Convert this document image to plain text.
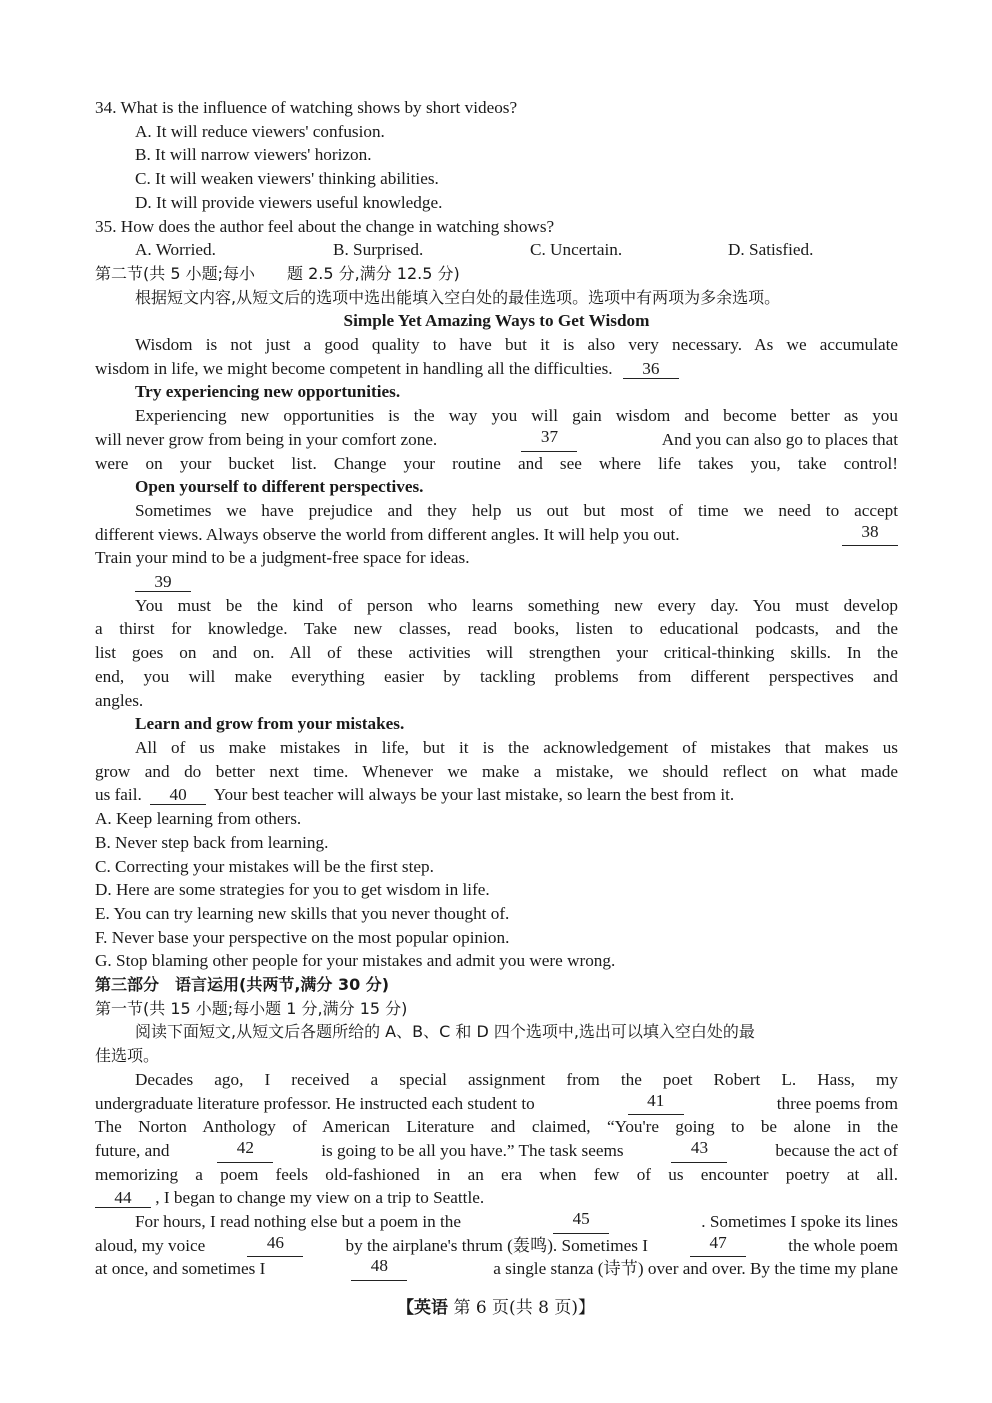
34. What is the influence of watching shows by short videos?
A. It will reduce viewers' confusion.
B. It will narrow viewers' horizon.
C. It will weaken viewers' thinking abilities.
D. It will provide viewers useful knowledge.
35. How does the author feel about the change in watching shows?
A. Worried.	B. Surprised.	C. Uncertain.	D. Satisfied.
第二节(共 5 小题;每小　　题 2.5 分,满分 12.5 分)
根据短文内容,从短文后的选项中选出能填入空白处的最佳选项。选项中有两项为多余选项。
Simple Yet Amazing Ways to Get Wisdom
Wisdom is not just a good quality to have but it is also very necessary. As we accumulate
wisdom in life, we might become competent in handling all the difficulties. 36
Try experiencing new opportunities.
Experiencing new opportunities is the way you will gain wisdom and become better as you
will never grow from being in your comfort zone.	37	And you can also go to places that
were on your bucket list. Change your routine and see where life takes you, take control!
Open yourself to different perspectives.
Sometimes we have prejudice and they help us out but most of time we need to accept
different views. Always observe the world from different angles. It will help you out.	38
Train your mind to be a judgment-free space for ideas.
39
You must be the kind of person who learns something new every day. You must develop
a thirst for knowledge. Take new classes, read books, listen to educational podcasts, and the
list goes on and on. All of these activities will strengthen your critical-thinking skills. In the
end, you will make everything easier by tackling problems from different perspectives and
angles.
Learn and grow from your mistakes.
All of us make mistakes in life, but it is the acknowledgement of mistakes that makes us
grow and do better next time. Whenever we make a mistake, we should reflect on what made
us fail. 40 Your best teacher will always be your last mistake, so learn the best from it.
A. Keep learning from others.
B. Never step back from learning.
C. Correcting your mistakes will be the first step.
D. Here are some strategies for you to get wisdom in life.
E. You can try learning new skills that you never thought of.
F. Never base your perspective on the most popular opinion.
G. Stop blaming other people for your mistakes and admit you were wrong.
第三部分　语言运用(共两节,满分 30 分)
第一节(共 15 小题;每小题 1 分,满分 15 分)
阅读下面短文,从短文后各题所给的 A、B、C 和 D 四个选项中,选出可以填入空白处的最
佳选项。
Decades ago, I received a special assignment from the poet Robert L. Hass, my
undergraduate literature professor. He instructed each student to	41	three poems from
The Norton Anthology of American Literature and claimed, “You're going to be alone in the
future, and	42	is going to be all you have.” The task seems	43	because the act of
memorizing a poem feels old-fashioned in an era when few of us encounter poetry at all.
44 , I began to change my view on a trip to Seattle.
For hours, I read nothing else but a poem in the	45	. Sometimes I spoke its lines
aloud, my voice	46	by the airplane's thrum (轰鸣). Sometimes I	47	the whole poem
at once, and sometimes I	48	a single stanza (诗节) over and over. By the time my plane
【英语 第 6 页(共 8 页)】
